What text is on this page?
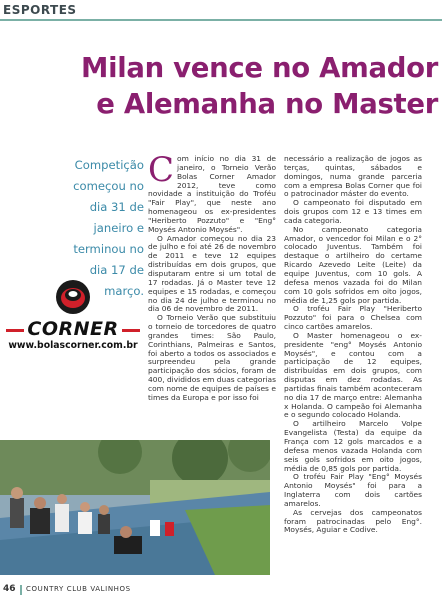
ESPORTES
Milan vence no Amador
e Alemanha no Master
Competição começou no dia 31 de janeiro e terminou no dia 17 de março.
CORNER
www.bolascorner.com.br

Com início no dia 31 de janeiro, o Torneio Verão Bolas Corner Amador 2012, teve como novidade a instituição do Troféu "Fair Play", que neste ano homenageou os ex-presidentes "Heriberto Pozzuto" e "Eng° Moysés Antonio Moysés".

O Amador começou no dia 23 de julho e foi até 26 de novembro de 2011 e teve 12 equipes distribuídas em dois grupos, que disputaram entre si um total de 17 rodadas. Já o Master teve 12 equipes e 15 rodadas, e começou no dia 24 de julho e terminou no dia 06 de novembro de 2011.

O Torneio Verão que substituiu o torneio de torcedores de quatro grandes times: São Paulo, Corinthians, Palmeiras e Santos, foi aberto a todos os associados e surpreendeu pela grande participação dos sócios, foram de 400, divididos em duas categorias com nome de equipes de países e times da Europa e por isso foi

necessário a realização de jogos as terças, quintas, sábados e domingos, numa grande parceria com a empresa Bolas Corner que foi o patrocinador máster do evento.

O campeonato foi disputado em dois grupos com 12 e 13 times em cada categoria.

No campeonato categoria Amador, o vencedor foi Milan e o 2° colocado Juventus. Também foi destaque o artilheiro do certame Ricardo Azevedo Leite (Leite) da equipe Juventus, com 10 gols. A defesa menos vazada foi do Milan com 10 gols sofridos em oito jogos, média de 1,25 gols por partida.

O troféu Fair Play "Heriberto Pozzuto" foi para o Chelsea com cinco cartões amarelos.

O Master homenageou o ex-presidente "eng° Moysés Antonio Moysés", e contou com a participação de 12 equipes, distribuídas em dois grupos, com disputas em dez rodadas. As partidas finais também aconteceram no dia 17 de março entre: Alemanha x Holanda. O campeão foi Alemanha e o segundo colocado Holanda.

O artilheiro Marcelo Volpe Evangelista (Testa) da equipe da França com 12 gols marcados e a defesa menos vazada Holanda com seis gols sofridos em oito jogos, média de 0,85 gols por partida.

O troféu Fair Play "Eng° Moysés Antonio Moysés" foi para a Inglaterra com dois cartões amarelos.

As cervejas dos campeonatos foram patrocinadas pelo Eng°. Moysés, Aguiar e Codive.

46 COUNTRY CLUB VALINHOS
